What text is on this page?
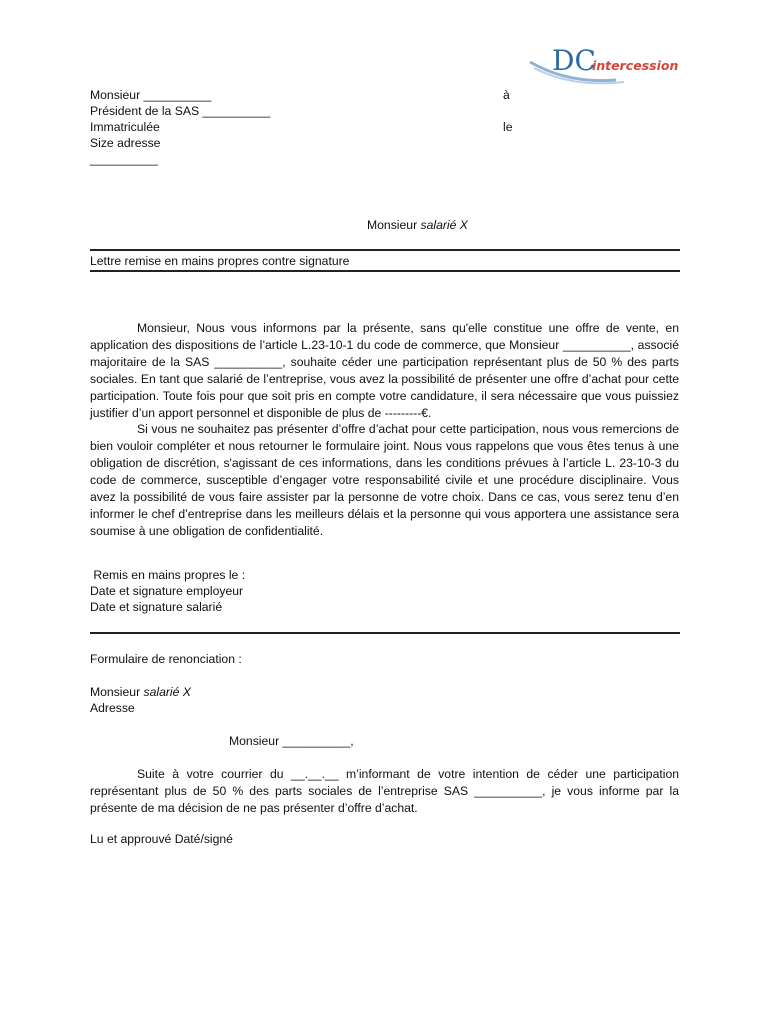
DC
intercession
Monsieur __________
Président de la SAS __________
Immatriculée
Size adresse
__________
à
le
Monsieur salarié X
Lettre remise en mains propres contre signature

Monsieur, Nous vous informons par la présente, sans qu'elle constitue une offre de vente, en application des dispositions de l’article L.23-10-1 du code de commerce, que Monsieur __________, associé majoritaire de la SAS __________, souhaite céder une participation représentant plus de 50 % des parts sociales. En tant que salarié de l’entreprise, vous avez la possibilité de présenter une offre d’achat pour cette participation. Toute fois pour que soit pris en compte votre candidature, il sera nécessaire que vous puissiez justifier d’un apport personnel et disponible de plus de ---------€.

Si vous ne souhaitez pas présenter d’offre d’achat pour cette participation, nous vous remercions de bien vouloir compléter et nous retourner le formulaire joint. Nous vous rappelons que vous êtes tenus à une obligation de discrétion, s'agissant de ces informations, dans les conditions prévues à l’article L. 23-10-3 du code de commerce, susceptible d’engager votre responsabilité civile et une procédure disciplinaire. Vous avez la possibilité de vous faire assister par la personne de votre choix. Dans ce cas, vous serez tenu d’en informer le chef d’entreprise dans les meilleurs délais et la personne qui vous apportera une assistance sera soumise à une obligation de confidentialité.

Remis en mains propres le :
Date et signature employeur
Date et signature salarié
Formulaire de renonciation :
Monsieur salarié X
Adresse
Monsieur __________,

Suite à votre courrier du __.__.__ m’informant de votre intention de céder une participation représentant plus de 50 % des parts sociales de l’entreprise SAS __________, je vous informe par la présente de ma décision de ne pas présenter d’offre d’achat.

Lu et approuvé Daté/signé
